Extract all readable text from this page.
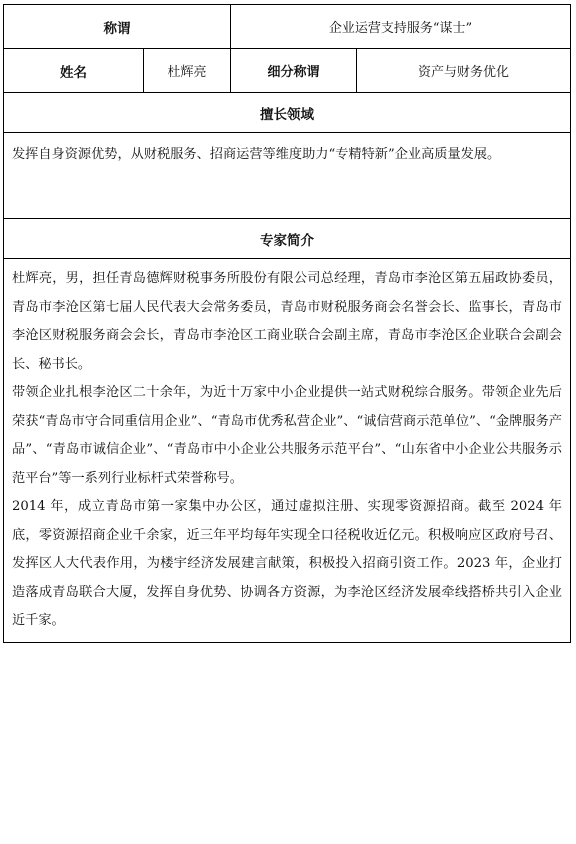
称谓	企业运营支持服务“谋士”
姓名	杜辉亮	细分称谓	资产与财务优化
擅长领域

发挥自身资源优势，从财税服务、招商运营等维度助力“专精特新”企业高质量发展。

专家简介

杜辉亮，男，担任青岛德辉财税事务所股份有限公司总经理，青岛市李沧区第五届政协委员，青岛市李沧区第七届人民代表大会常务委员，青岛市财税服务商会名誉会长、监事长，青岛市李沧区财税服务商会会长，青岛市李沧区工商业联合会副主席，青岛市李沧区企业联合会副会长、秘书长。

带领企业扎根李沧区二十余年，为近十万家中小企业提供一站式财税综合服务。带领企业先后荣获“青岛市守合同重信用企业”、“青岛市优秀私营企业”、“诚信营商示范单位”、“金牌服务产品”、“青岛市诚信企业”、“青岛市中小企业公共服务示范平台”、“山东省中小企业公共服务示范平台”等一系列行业标杆式荣誉称号。

2014 年，成立青岛市第一家集中办公区，通过虚拟注册、实现零资源招商。截至 2024 年底，零资源招商企业千余家，近三年平均每年实现全口径税收近亿元。积极响应区政府号召、发挥区人大代表作用，为楼宇经济发展建言献策，积极投入招商引资工作。2023 年，企业打造落成青岛联合大厦，发挥自身优势、协调各方资源，为李沧区经济发展牵线搭桥共引入企业近千家。
